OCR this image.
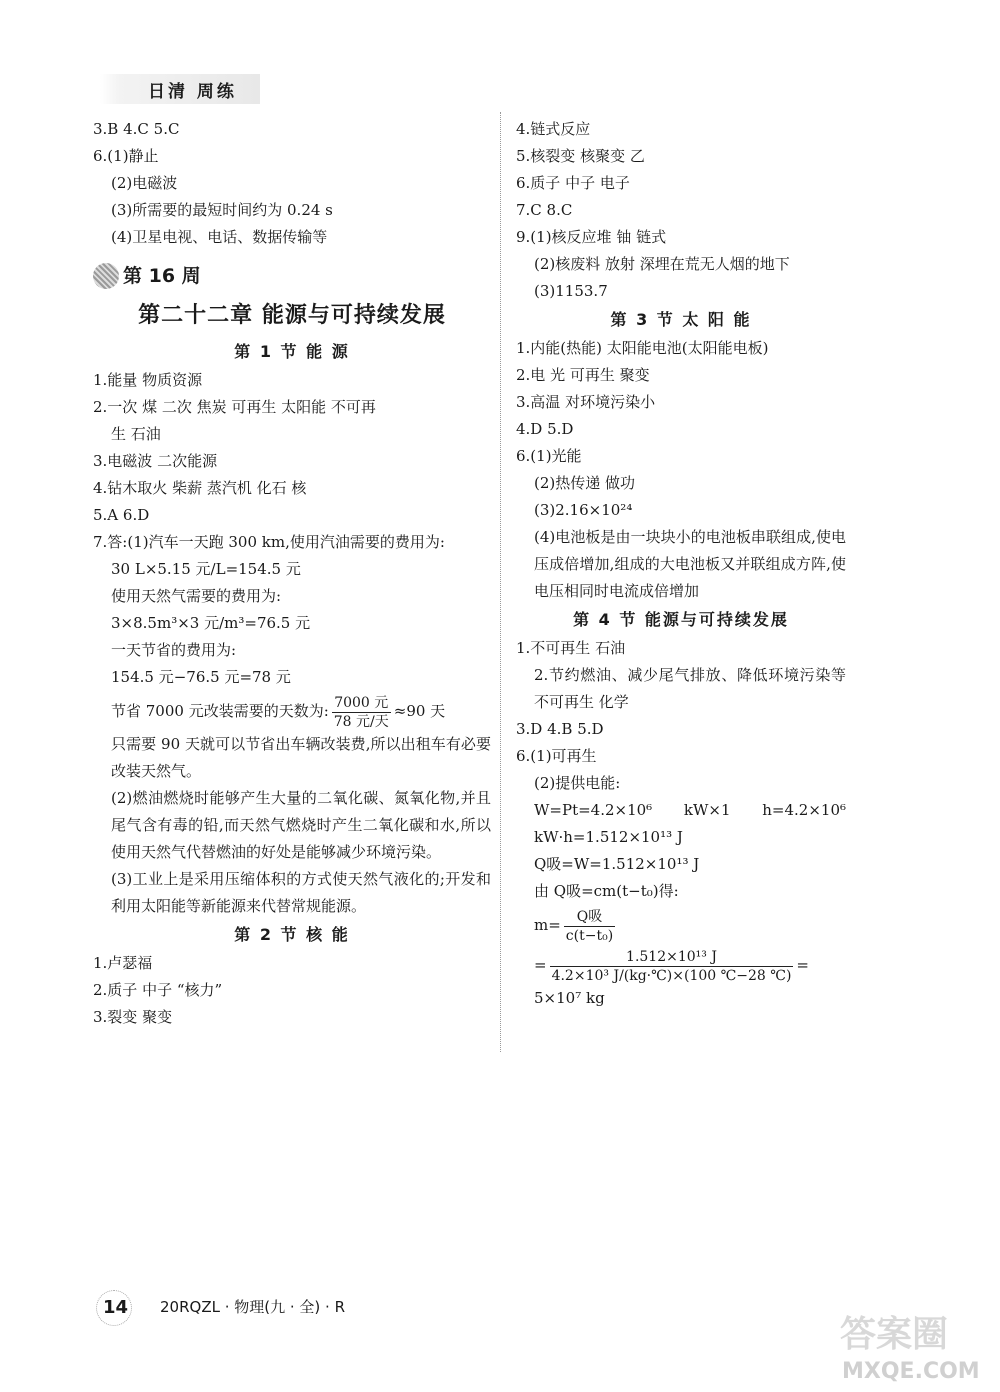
日清 周练
3.B 4.C 5.C
6.(1)静止
(2)电磁波
(3)所需要的最短时间约为 0.24 s
(4)卫星电视、电话、数据传输等
第 16 周
第二十二章 能源与可持续发展
第 1 节 能 源
1.能量 物质资源
2.一次 煤 二次 焦炭 可再生 太阳能 不可再
生 石油
3.电磁波 二次能源
4.钻木取火 柴薪 蒸汽机 化石 核
5.A 6.D
7.答:(1)汽车一天跑 300 km,使用汽油需要的费用为:
30 L×5.15 元/L=154.5 元
使用天然气需要的费用为:
3×8.5m³×3 元/m³=76.5 元
一天节省的费用为:
154.5 元−76.5 元=78 元
节省 7000 元改装需要的天数为: $\frac{\text{7000 元}}{\text{78 元/天}} \approx 90$ 天
只需要 90 天就可以节省出车辆改装费,所以出租车有必要改装天然气。
(2)燃油燃烧时能够产生大量的二氧化碳、氮氧化物,并且尾气含有毒的铅,而天然气燃烧时产生二氧化碳和水,所以使用天然气代替燃油的好处是能够减少环境污染。
(3)工业上是采用压缩体积的方式使天然气液化的;开发和利用太阳能等新能源来代替常规能源。
第 2 节 核 能
1.卢瑟福
2.质子 中子 “核力”
3.裂变 聚变
4.链式反应
5.核裂变 核聚变 乙
6.质子 中子 电子
7.C 8.C
9.(1)核反应堆 铀 链式
(2)核废料 放射 深埋在荒无人烟的地下
(3)1153.7
第 3 节 太 阳 能
1.内能(热能) 太阳能电池(太阳能电板)
2.电 光 可再生 聚变
3.高温 对环境污染小
4.D 5.D
6.(1)光能
(2)热传递 做功
(3)2.16×10²⁴
(4)电池板是由一块块小的电池板串联组成,使电压成倍增加,组成的大电池板又并联组成方阵,使电压相同时电流成倍增加
第 4 节 能源与可持续发展
1.不可再生 石油
2.节约燃油、减少尾气排放、降低环境污染等 不可再生 化学
3.D 4.B 5.D
6.(1)可再生
(2)提供电能:
W=Pt=4.2×10⁶ kW×1 h=4.2×10⁶ kW·h=1.512×10¹³ J
Q吸=W=1.512×10¹³ J
由 Q吸=cm(t−t₀)得:
$m= \frac{\text{Q吸}}{\text{c(t−t₀)}}$
= $\frac{\text{1.512×10¹³ J}}{\text{4.2×10³ J/(kg·℃)×(100 ℃−28 ℃)}}$ =
5×10⁷ kg
14 20RQZL · 物理(九 · 全) · R
答案圈
MXQE.COM
